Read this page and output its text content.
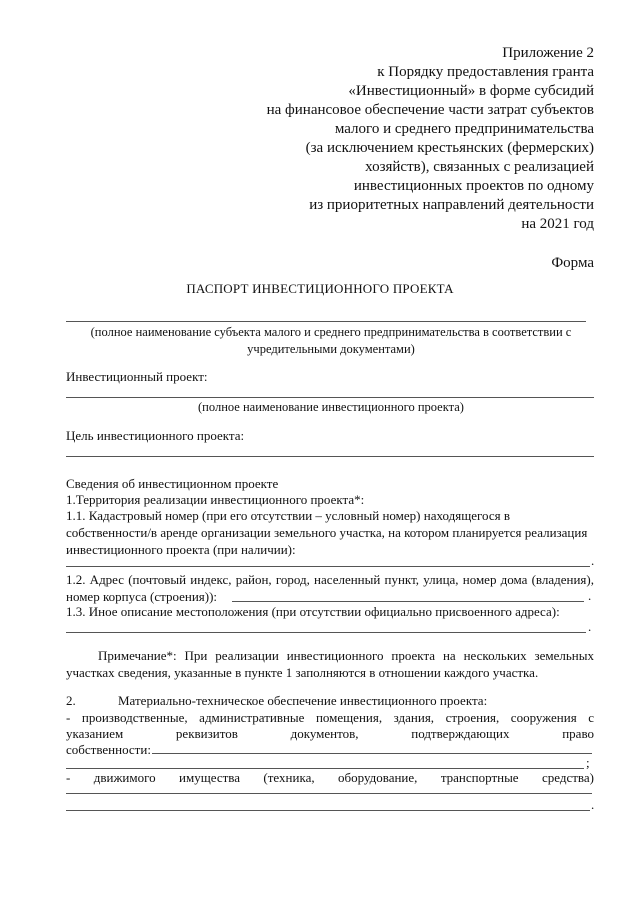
Приложение 2
к Порядку предоставления гранта
«Инвестиционный» в форме субсидий
на финансовое обеспечение части затрат субъектов
малого и среднего предпринимательства
(за исключением крестьянских (фермерских)
хозяйств), связанных с реализацией
инвестиционных проектов по одному
из приоритетных направлений деятельности
на 2021 год
Форма
ПАСПОРТ ИНВЕСТИЦИОННОГО ПРОЕКТА
(полное наименование субъекта малого и среднего предпринимательства в соответствии с
учредительными документами)
Инвестиционный проект:
(полное наименование инвестиционного проекта)
Цель инвестиционного проекта:
Сведения об инвестиционном проекте
1.Территория реализации инвестиционного проекта*:
1.1. Кадастровый номер (при его отсутствии – условный номер) находящегося в
собственности/в аренде организации земельного участка, на котором планируется реализация
инвестиционного проекта (при наличии):
.
1.2. Адрес (почтовый индекс, район, город, населенный пункт, улица, номер дома (владения),
номер корпуса (строения)):	.
1.3. Иное описание местоположения (при отсутствии официально присвоенного адреса):
.
Примечание*: При реализации инвестиционного проекта на нескольких земельных
участках сведения, указанные в пункте 1 заполняются в отношении каждого участка.
2.	Материально-техническое обеспечение инвестиционного проекта:
- производственные, административные помещения, здания, строения, сооружения с
указанием реквизитов документов, подтверждающих право
собственности:
;
- движимого имущества (техника, оборудование, транспортные средства)
.
